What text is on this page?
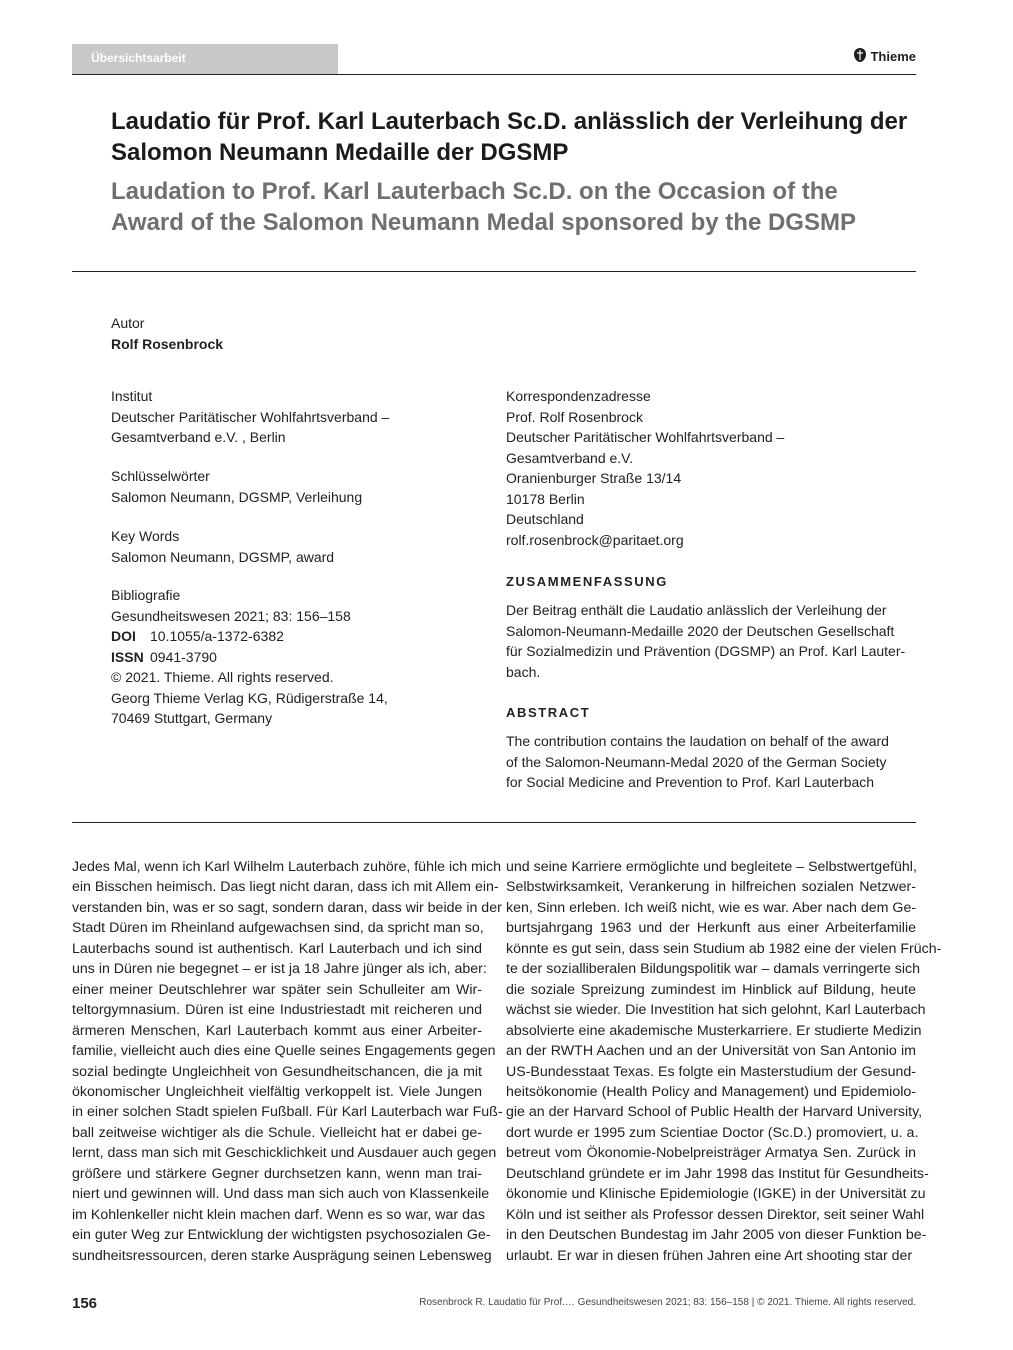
Übersichtsarbeit	Thieme
Laudatio für Prof. Karl Lauterbach Sc.D. anlässlich der Verleihung der Salomon Neumann Medaille der DGSMP
Laudation to Prof. Karl Lauterbach Sc.D. on the Occasion of the Award of the Salomon Neumann Medal sponsored by the DGSMP
Autor
Rolf Rosenbrock
Institut
Deutscher Paritätischer Wohlfahrtsverband –
Gesamtverband e.V. , Berlin
Schlüsselwörter
Salomon Neumann, DGSMP, Verleihung
Key Words
Salomon Neumann, DGSMP, award
Bibliografie
Gesundheitswesen 2021; 83: 156–158
DOI 10.1055/a-1372-6382
ISSN 0941-3790
© 2021. Thieme. All rights reserved.
Georg Thieme Verlag KG, Rüdigerstraße 14,
70469 Stuttgart, Germany
Korrespondenzadresse
Prof. Rolf Rosenbrock
Deutscher Paritätischer Wohlfahrtsverband –
Gesamtverband e.V.
Oranienburger Straße 13/14
10178 Berlin
Deutschland
rolf.rosenbrock@paritaet.org
ZUSAMMENFASSUNG
Der Beitrag enthält die Laudatio anlässlich der Verleihung der
Salomon-Neumann-Medaille 2020 der Deutschen Gesellschaft
für Sozialmedizin und Prävention (DGSMP) an Prof. Karl Lauter-
bach.
ABSTRACT
The contribution contains the laudation on behalf of the award
of the Salomon-Neumann-Medal 2020 of the German Society
for Social Medicine and Prevention to Prof. Karl Lauterbach
Jedes Mal, wenn ich Karl Wilhelm Lauterbach zuhöre, fühle ich mich
ein Bisschen heimisch. Das liegt nicht daran, dass ich mit Allem ein-
verstanden bin, was er so sagt, sondern daran, dass wir beide in der
Stadt Düren im Rheinland aufgewachsen sind, da spricht man so,
Lauterbachs sound ist authentisch. Karl Lauterbach und ich sind
uns in Düren nie begegnet – er ist ja 18 Jahre jünger als ich, aber:
einer meiner Deutschlehrer war später sein Schulleiter am Wir-
teltorgymnasium. Düren ist eine Industriestadt mit reicheren und
ärmeren Menschen, Karl Lauterbach kommt aus einer Arbeiter-
familie, vielleicht auch dies eine Quelle seines Engagements gegen
sozial bedingte Ungleichheit von Gesundheitschancen, die ja mit
ökonomischer Ungleichheit vielfältig verkoppelt ist. Viele Jungen
in einer solchen Stadt spielen Fußball. Für Karl Lauterbach war Fuß-
ball zeitweise wichtiger als die Schule. Vielleicht hat er dabei ge-
lernt, dass man sich mit Geschicklichkeit und Ausdauer auch gegen
größere und stärkere Gegner durchsetzen kann, wenn man trai-
niert und gewinnen will. Und dass man sich auch von Klassenkeile
im Kohlenkeller nicht klein machen darf. Wenn es so war, war das
ein guter Weg zur Entwicklung der wichtigsten psychosozialen Ge-
sundheitsressourcen, deren starke Ausprägung seinen Lebensweg
und seine Karriere ermöglichte und begleitete – Selbstwertgefühl,
Selbstwirksamkeit, Verankerung in hilfreichen sozialen Netzwer-
ken, Sinn erleben. Ich weiß nicht, wie es war. Aber nach dem Ge-
burtsjahrgang 1963 und der Herkunft aus einer Arbeiterfamilie
könnte es gut sein, dass sein Studium ab 1982 eine der vielen Früch-
te der sozialliberalen Bildungspolitik war – damals verringerte sich
die soziale Spreizung zumindest im Hinblick auf Bildung, heute
wächst sie wieder. Die Investition hat sich gelohnt, Karl Lauterbach
absolvierte eine akademische Musterkarriere. Er studierte Medizin
an der RWTH Aachen und an der Universität von San Antonio im
US-Bundesstaat Texas. Es folgte ein Masterstudium der Gesund-
heitsökonomie (Health Policy and Management) und Epidemiolo-
gie an der Harvard School of Public Health der Harvard University,
dort wurde er 1995 zum Scientiae Doctor (Sc.D.) promoviert, u. a.
betreut vom Ökonomie-Nobelpreisträger Armatya Sen. Zurück in
Deutschland gründete er im Jahr 1998 das Institut für Gesundheits-
ökonomie und Klinische Epidemiologie (IGKE) in der Universität zu
Köln und ist seither als Professor dessen Direktor, seit seiner Wahl
in den Deutschen Bundestag im Jahr 2005 von dieser Funktion be-
urlaubt. Er war in diesen frühen Jahren eine Art shooting star der
156	Rosenbrock R. Laudatio für Prof.… Gesundheitswesen 2021; 83: 156–158 | © 2021. Thieme. All rights reserved.
